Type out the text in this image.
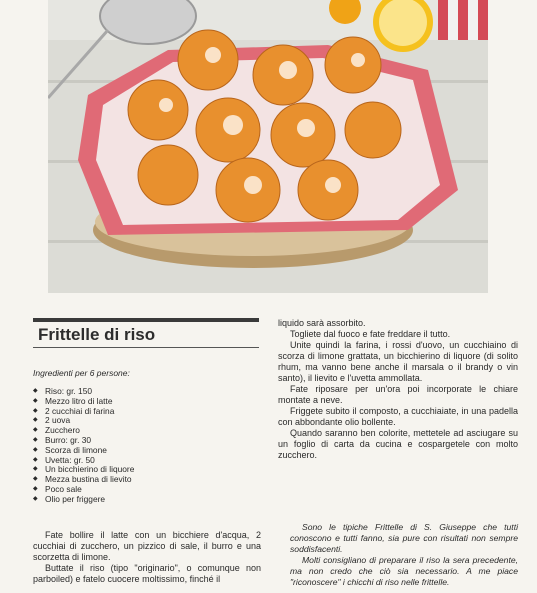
Frittelle di riso
Ingredienti per 6 persone:
◆ Riso: gr. 150
◆ Mezzo litro di latte
◆ 2 cucchiai di farina
◆ 2 uova
◆ Zucchero
◆ Burro: gr. 30
◆ Scorza di limone
◆ Uvetta: gr. 50
◆ Un bicchierino di liquore
◆ Mezza bustina di lievito
◆ Poco sale
◆ Olio per friggere

Fate bollire il latte con un bicchiere d'acqua, 2 cucchiai di zucchero, un pizzico di sale, il burro e una scorzetta di limone.

Buttate il riso (tipo "originario", o comunque non parboiled) e fatelo cuocere moltissimo, finché il

liquido sarà assorbito.

Togliete dal fuoco e fate freddare il tutto.

Unite quindi la farina, i rossi d'uovo, un cucchiaino di scorza di limone grattata, un bicchierino di liquore (di solito rhum, ma vanno bene anche il marsala o il brandy o vin santo), il lievito e l'uvetta ammollata.

Fate riposare per un'ora poi incorporate le chiare montate a neve.

Friggete subito il composto, a cucchiaiate, in una padella con abbondante olio bollente.

Quando saranno ben colorite, mettetele ad asciugare su un foglio di carta da cucina e cospargetele con molto zucchero.

Sono le tipiche Frittelle di S. Giuseppe che tutti conoscono e tutti fanno, sia pure con risultati non sempre soddisfacenti.

Molti consigliano di preparare il riso la sera precedente, ma non credo che ciò sia necessario. A me piace "riconoscere" i chicchi di riso nelle frittelle.
